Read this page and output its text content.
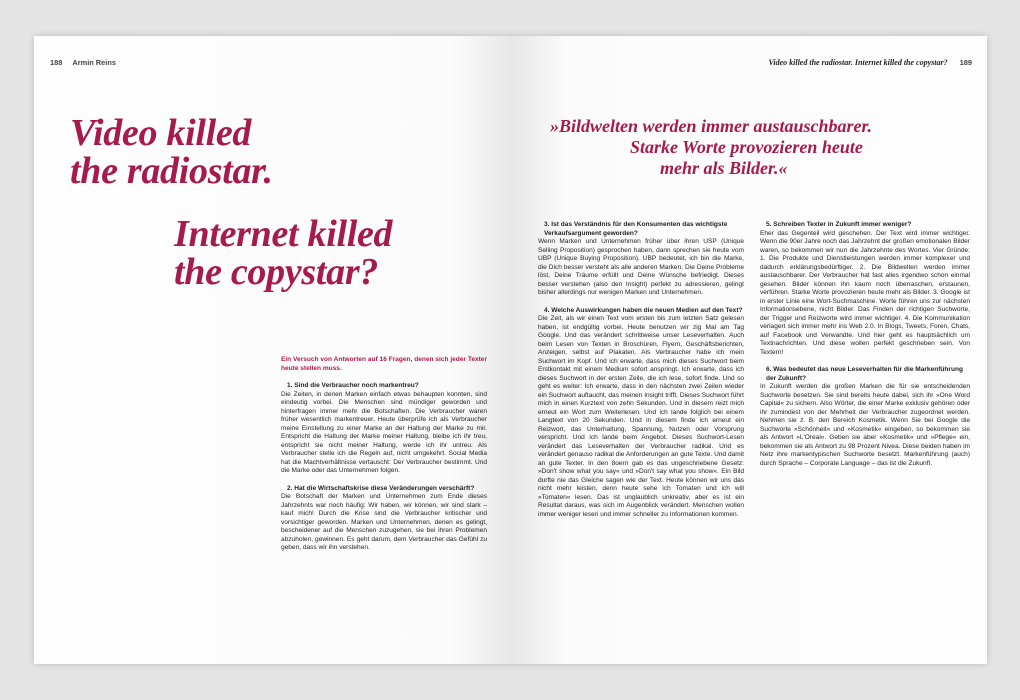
188 Armin Reins
Video killed
the radiostar.
Internet killed
the copystar?

Ein Versuch von Antworten auf 16 Fragen, denen sich jeder Texter heute stellen muss.

1. Sind die Verbraucher noch markentreu?

Die Zeiten, in denen Marken einfach etwas behaupten konnten, sind eindeutig vorbei. Die Menschen sind mündiger geworden und hinterfragen immer mehr die Botschaften. Die Verbraucher waren früher wesentlich markentreuer. Heute überprüfe ich als Verbraucher meine Einstellung zu einer Marke an der Haltung der Marke zu mir. Entspricht die Haltung der Marke meiner Haltung, bleibe ich ihr treu, entspricht sie nicht meiner Haltung, werde ich ihr untreu. Als Verbraucher stelle ich die Regeln auf, nicht umgekehrt. Social Media hat die Machtverhältnisse vertauscht: Der Verbraucher bestimmt. Und die Marke oder das Unternehmen folgen.

2. Hat die Wirtschaftskrise diese Veränderungen verschärft?

Die Botschaft der Marken und Unternehmen zum Ende dieses Jahrzehnts war noch häufig: Wir haben, wir können, wir sind stark – kauf mich! Durch die Krise sind die Verbraucher kritischer und vorsichtiger geworden. Marken und Unternehmen, denen es gelingt, bescheidener auf die Menschen zuzugehen, sie bei ihren Problemen abzuholen, gewinnen. Es geht darum, dem Verbraucher das Gefühl zu geben, dass wir ihn verstehen.

Video killed the radiostar. Internet killed the copystar? 189
»Bildwelten werden immer austauschbarer.
Starke Worte provozieren heute
mehr als Bilder.«
3. Ist das Verständnis für den Konsumenten das wichtigste Verkaufsargument geworden?

Wenn Marken und Unternehmen früher über ihren USP (Unique Selling Proposition) gesprochen haben, dann sprechen sie heute vom UBP (Unique Buying Proposition). UBP bedeutet, ich bin die Marke, die Dich besser versteht als alle anderen Marken. Die Deine Probleme löst, Deine Träume erfüllt und Deine Wünsche befriedigt. Dieses besser verstehen (also den Insight) perfekt zu adressieren, gelingt bisher allerdings nur wenigen Marken und Unternehmen.

4. Welche Auswirkungen haben die neuen Medien auf den Text?

Die Zeit, als wir einen Text vom ersten bis zum letzten Satz gelesen haben, ist endgültig vorbei. Heute benutzen wir zig Mal am Tag Google. Und das verändert schrittweise unser Leseverhalten. Auch beim Lesen von Texten in Broschüren, Flyern, Geschäftsberichten, Anzeigen, selbst auf Plakaten. Als Verbraucher habe ich mein Suchwort im Kopf. Und ich erwarte, dass mich dieses Suchwort beim Erstkontakt mit einem Medium sofort anspringt. Ich erwarte, dass ich dieses Suchwort in der ersten Zeile, die ich lese, sofort finde. Und so geht es weiter: Ich erwarte, dass in den nächsten zwei Zeilen wieder ein Suchwort auftaucht, das meinen Insight trifft. Dieses Suchwort führt mich in einen Kurztext von zehn Sekunden. Und in diesem reizt mich erneut ein Wort zum Weiterlesen. Und ich lande folglich bei einem Langtext von 20 Sekunden. Und in diesem finde ich erneut ein Reizwort, das Unterhaltung, Spannung, Nutzen oder Vorsprung verspricht. Und ich lande beim Angebot. Dieses Suchwort-Lesen verändert das Leseverhalten der Verbraucher radikal. Und es verändert genauso radikal die Anforderungen an gute Texte. Und damit an gute Texter. In den 8oern gab es das ungeschriebene Gesetz: »Don't show what you say« und »Don't say what you show«. Ein Bild durfte nie das Gleiche sagen wie der Text. Heute können wir uns das nicht mehr leisten, denn heute sehe ich Tomaten und ich will »Tomaten« lesen. Das ist unglaublich unkreativ, aber es ist ein Resultat daraus, was sich im Augenblick verändert. Menschen wollen immer weniger lesen und immer schneller zu Informationen kommen.

5. Schreiben Texter in Zukunft immer weniger?

Eher das Gegenteil wird geschehen. Der Text wird immer wichtiger. Wenn die 90er Jahre noch das Jahrzehnt der großen emotionalen Bilder waren, so bekommen wir nun die Jahrzehnte des Wortes. Vier Gründe: 1. Die Produkte und Dienstleistungen werden immer komplexer und dadurch erklärungsbedürftiger. 2. Die Bildwelten werden immer austauschbarer. Der Verbraucher hat fast alles irgendwo schon einmal gesehen. Bilder können ihn kaum noch überraschen, erstaunen, verführen. Starke Worte provozieren heute mehr als Bilder. 3. Google ist in erster Linie eine Wort-Suchmaschine. Worte führen uns zur nächsten Informationsebene, nicht Bilder. Das Finden der richtigen Suchworte, der Trigger und Reizworte wird immer wichtiger. 4. Die Kommunikation verlagert sich immer mehr ins Web 2.0. In Blogs, Tweets, Foren, Chats, auf Facebook und Verwandte. Und hier geht es hauptsächlich um Textnachrichten. Und diese wollen perfekt geschrieben sein. Von Textern!

6. Was bedeutet das neue Leseverhalten für die Markenführung der Zukunft?

In Zukunft werden die großen Marken die für sie entscheidenden Suchworte besetzen. Sie sind bereits heute dabei, sich ihr »One Word Capital« zu sichern. Also Wörter, die einer Marke exklusiv gehören oder ihr zumindest von der Mehrheit der Verbraucher zugeordnet werden. Nehmen sie z. B. den Bereich Kosmetik. Wenn Sie bei Google die Suchworte »Schönheit« und »Kosmetik« eingeben, so bekommen sie als Antwort »L'Oreal«. Geben sie aber »Kosmetik« und »Pflege« ein, bekommen sie als Antwort zu 98 Prozent Nivea. Diese beiden haben im Netz ihre markentypischen Suchworte besetzt. Markenführung (auch) durch Sprache – Corporate Language – das ist die Zukunft.
